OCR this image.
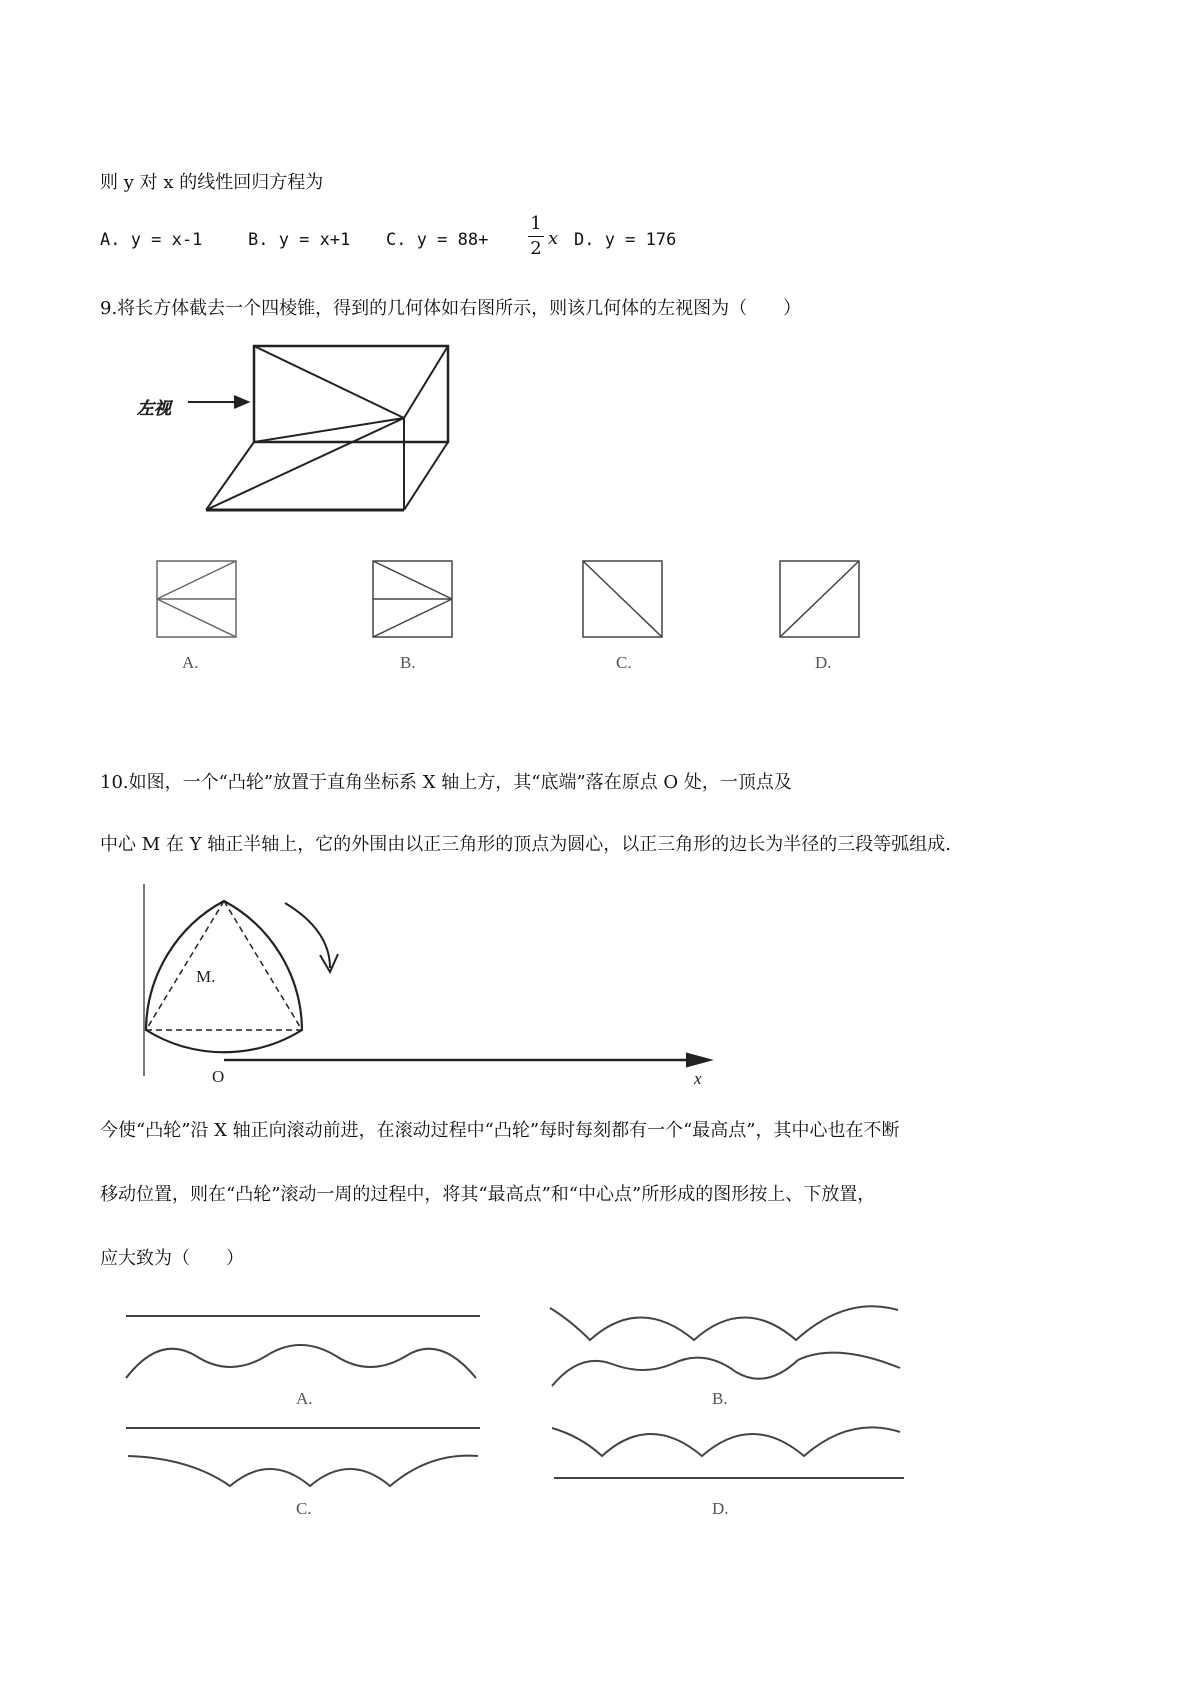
则 y 对 x 的线性回归方程为
A. y = x-1	B. y = x+1 C. y = 88+
1
2 x D. y = 176
9.将长方体截去一个四棱锥，得到的几何体如右图所示，则该几何体的左视图为（　　）
左视
A.	B.	C.	D.
M.
O	x
A.	B.
C.	D.
10.如图，一个“凸轮”放置于直角坐标系 X 轴上方，其“底端”落在原点 O 处，一顶点及
中心 M 在 Y 轴正半轴上，它的外围由以正三角形的顶点为圆心，以正三角形的边长为半径的三段等弧组成.
今使“凸轮”沿 X 轴正向滚动前进，在滚动过程中“凸轮”每时每刻都有一个“最高点”，其中心也在不断
移动位置，则在“凸轮”滚动一周的过程中，将其“最高点”和“中心点”所形成的图形按上、下放置，
应大致为（　　）
